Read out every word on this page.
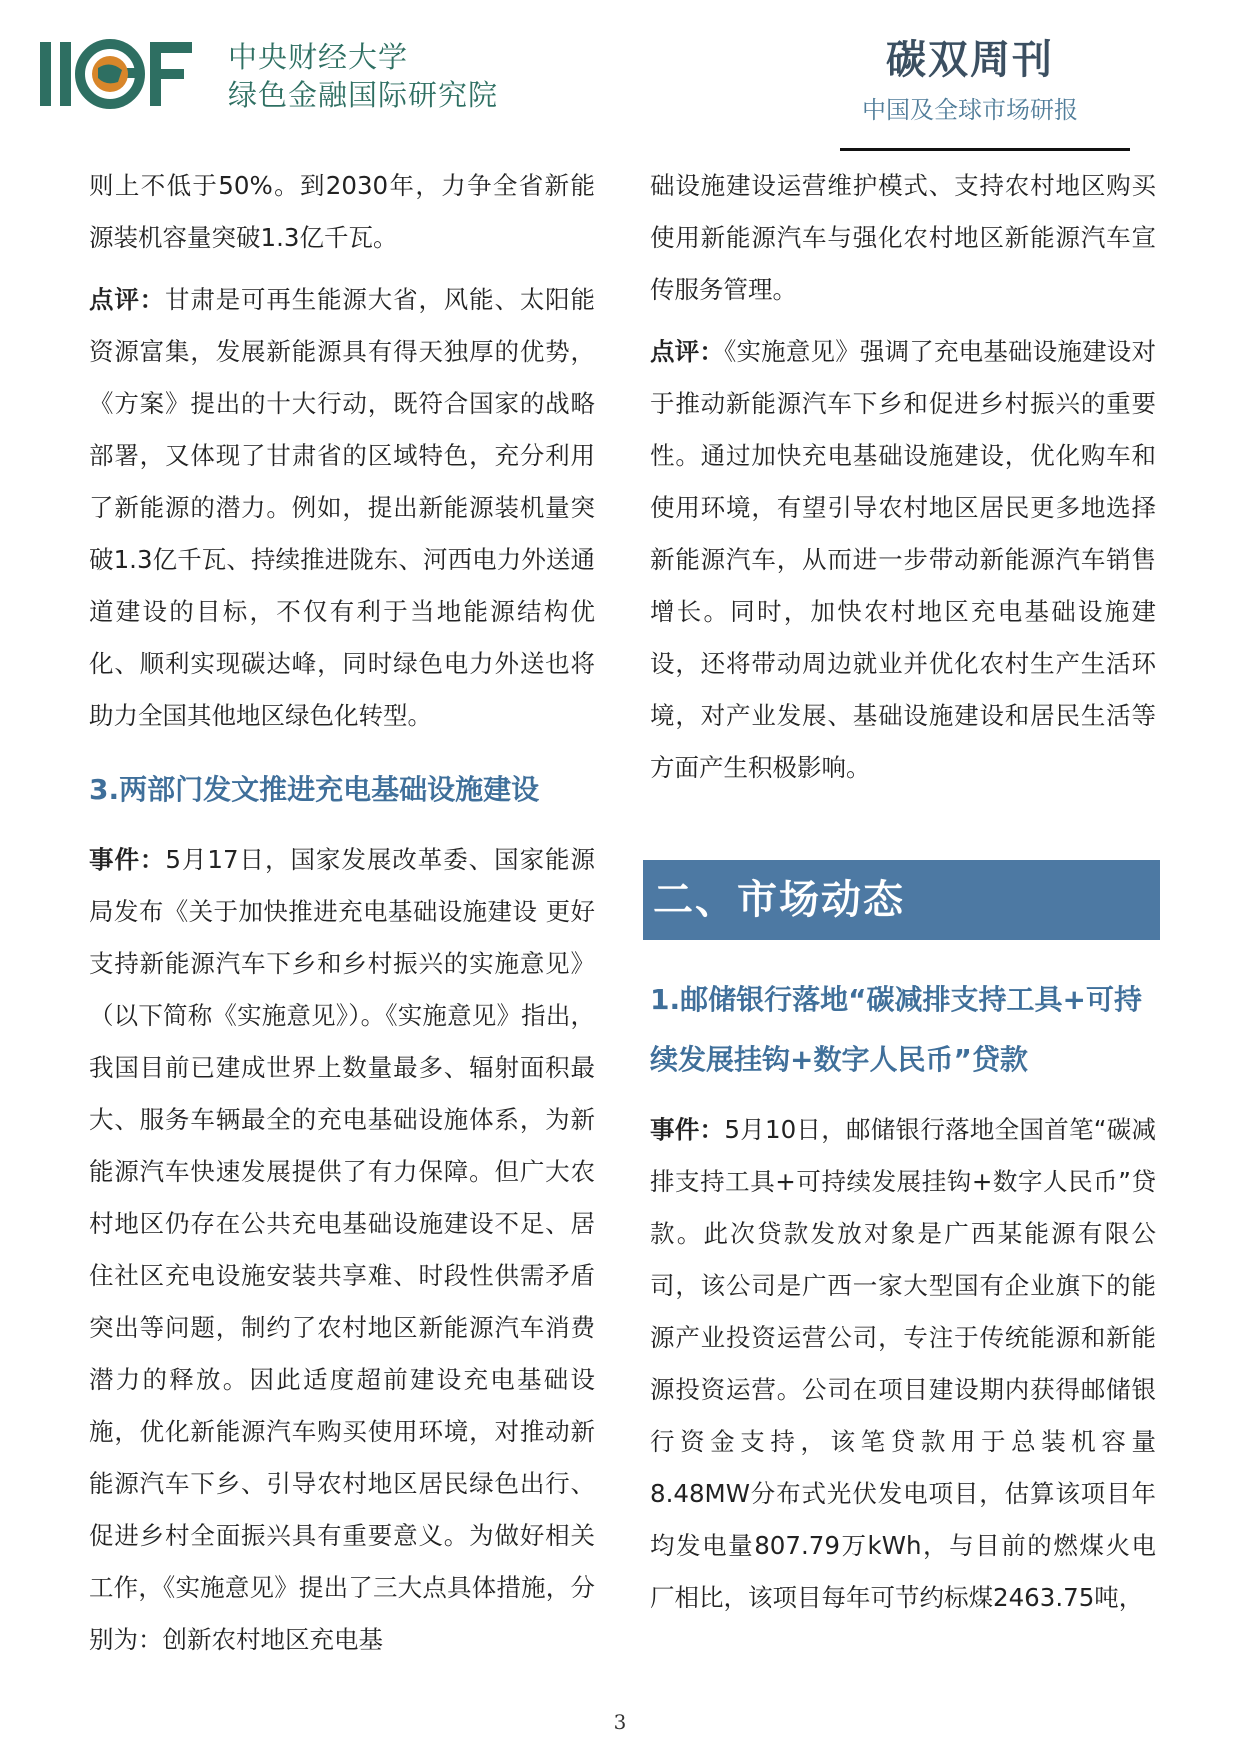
中央财经大学
绿色金融国际研究院
碳双周刊
中国及全球市场研报

则上不低于50%。到2030年，力争全省新能源装机容量突破1.3亿千瓦。

点评：甘肃是可再生能源大省，风能、太阳能资源富集，发展新能源具有得天独厚的优势，《方案》提出的十大行动，既符合国家的战略部署，又体现了甘肃省的区域特色，充分利用了新能源的潜力。例如，提出新能源装机量突破1.3亿千瓦、持续推进陇东、河西电力外送通道建设的目标，不仅有利于当地能源结构优化、顺利实现碳达峰，同时绿色电力外送也将助力全国其他地区绿色化转型。

3.两部门发文推进充电基础设施建设

事件：5月17日，国家发展改革委、国家能源局发布《关于加快推进充电基础设施建设 更好支持新能源汽车下乡和乡村振兴的实施意见》（以下简称《实施意见》）。《实施意见》指出，我国目前已建成世界上数量最多、辐射面积最大、服务车辆最全的充电基础设施体系，为新能源汽车快速发展提供了有力保障。但广大农村地区仍存在公共充电基础设施建设不足、居住社区充电设施安装共享难、时段性供需矛盾突出等问题，制约了农村地区新能源汽车消费潜力的释放。因此适度超前建设充电基础设施，优化新能源汽车购买使用环境，对推动新能源汽车下乡、引导农村地区居民绿色出行、促进乡村全面振兴具有重要意义。为做好相关工作，《实施意见》提出了三大点具体措施，分别为：创新农村地区充电基

础设施建设运营维护模式、支持农村地区购买使用新能源汽车与强化农村地区新能源汽车宣传服务管理。

点评：《实施意见》强调了充电基础设施建设对于推动新能源汽车下乡和促进乡村振兴的重要性。通过加快充电基础设施建设，优化购车和使用环境，有望引导农村地区居民更多地选择新能源汽车，从而进一步带动新能源汽车销售增长。同时，加快农村地区充电基础设施建设，还将带动周边就业并优化农村生产生活环境，对产业发展、基础设施建设和居民生活等方面产生积极影响。

二、市场动态
1.邮储银行落地“碳减排支持工具+可持续发展挂钩+数字人民币”贷款

事件：5月10日，邮储银行落地全国首笔“碳减排支持工具+可持续发展挂钩+数字人民币”贷款。此次贷款发放对象是广西某能源有限公司，该公司是广西一家大型国有企业旗下的能源产业投资运营公司，专注于传统能源和新能源投资运营。公司在项目建设期内获得邮储银行资金支持，该笔贷款用于总装机容量8.48MW分布式光伏发电项目，估算该项目年均发电量807.79万kWh，与目前的燃煤火电厂相比，该项目每年可节约标煤2463.75吨，

3
